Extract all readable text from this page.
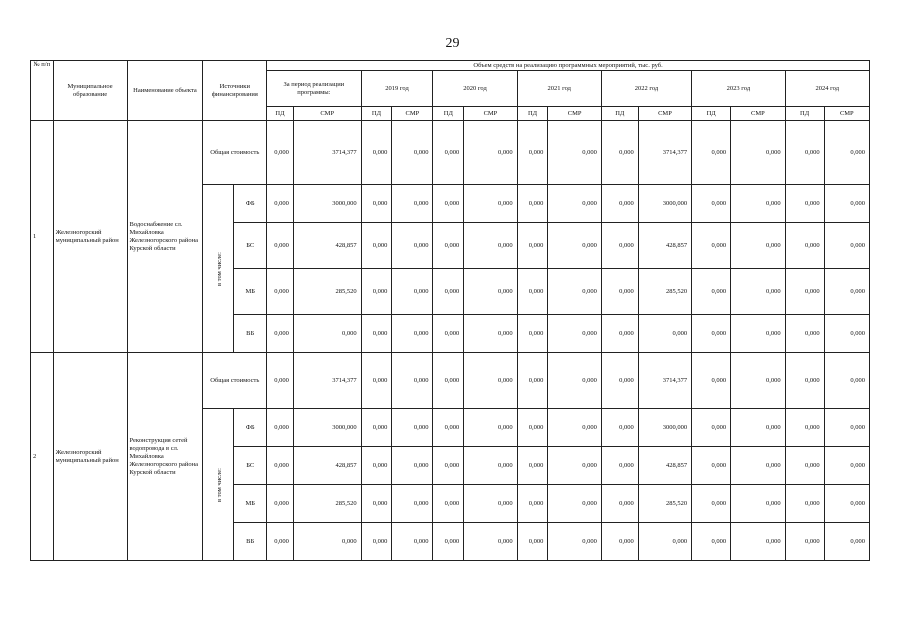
29
№ п/п	Муниципальное образование	Наименование объекта	Источники финансирования		Объем средств на реализацию программных мероприятий, тыс. руб.													
					За период реализации программы:		2019 год		2020 год		2021 год		2022 год		2023 год		2024 год	
					ПД	СМР	ПД	СМР	ПД	СМР	ПД	СМР	ПД	СМР	ПД	СМР	ПД	СМР
1	Железногорский муниципальный район	Водоснабжение сл. Михайловка Железногорского района Курской области	Общая стоимость		0,000	3714,377	0,000	0,000	0,000	0,000	0,000	0,000	0,000	3714,377	0,000	0,000	0,000	0,000
			в том числе:	ФБ	0,000	3000,000	0,000	0,000	0,000	0,000	0,000	0,000	0,000	3000,000	0,000	0,000	0,000	0,000
				БС	0,000	428,857	0,000	0,000	0,000	0,000	0,000	0,000	0,000	428,857	0,000	0,000	0,000	0,000
				МБ	0,000	285,520	0,000	0,000	0,000	0,000	0,000	0,000	0,000	285,520	0,000	0,000	0,000	0,000
				ВБ	0,000	0,000	0,000	0,000	0,000	0,000	0,000	0,000	0,000	0,000	0,000	0,000	0,000	0,000
2	Железногорский муниципальный район	Реконструкция сетей водопровода в сл. Михайловка Железногорского района Курской области	Общая стоимость		0,000	3714,377	0,000	0,000	0,000	0,000	0,000	0,000	0,000	3714,377	0,000	0,000	0,000	0,000
			в том числе:	ФБ	0,000	3000,000	0,000	0,000	0,000	0,000	0,000	0,000	0,000	3000,000	0,000	0,000	0,000	0,000
				БС	0,000	428,857	0,000	0,000	0,000	0,000	0,000	0,000	0,000	428,857	0,000	0,000	0,000	0,000
				МБ	0,000	285,520	0,000	0,000	0,000	0,000	0,000	0,000	0,000	285,520	0,000	0,000	0,000	0,000
				ВБ	0,000	0,000	0,000	0,000	0,000	0,000	0,000	0,000	0,000	0,000	0,000	0,000	0,000	0,000
